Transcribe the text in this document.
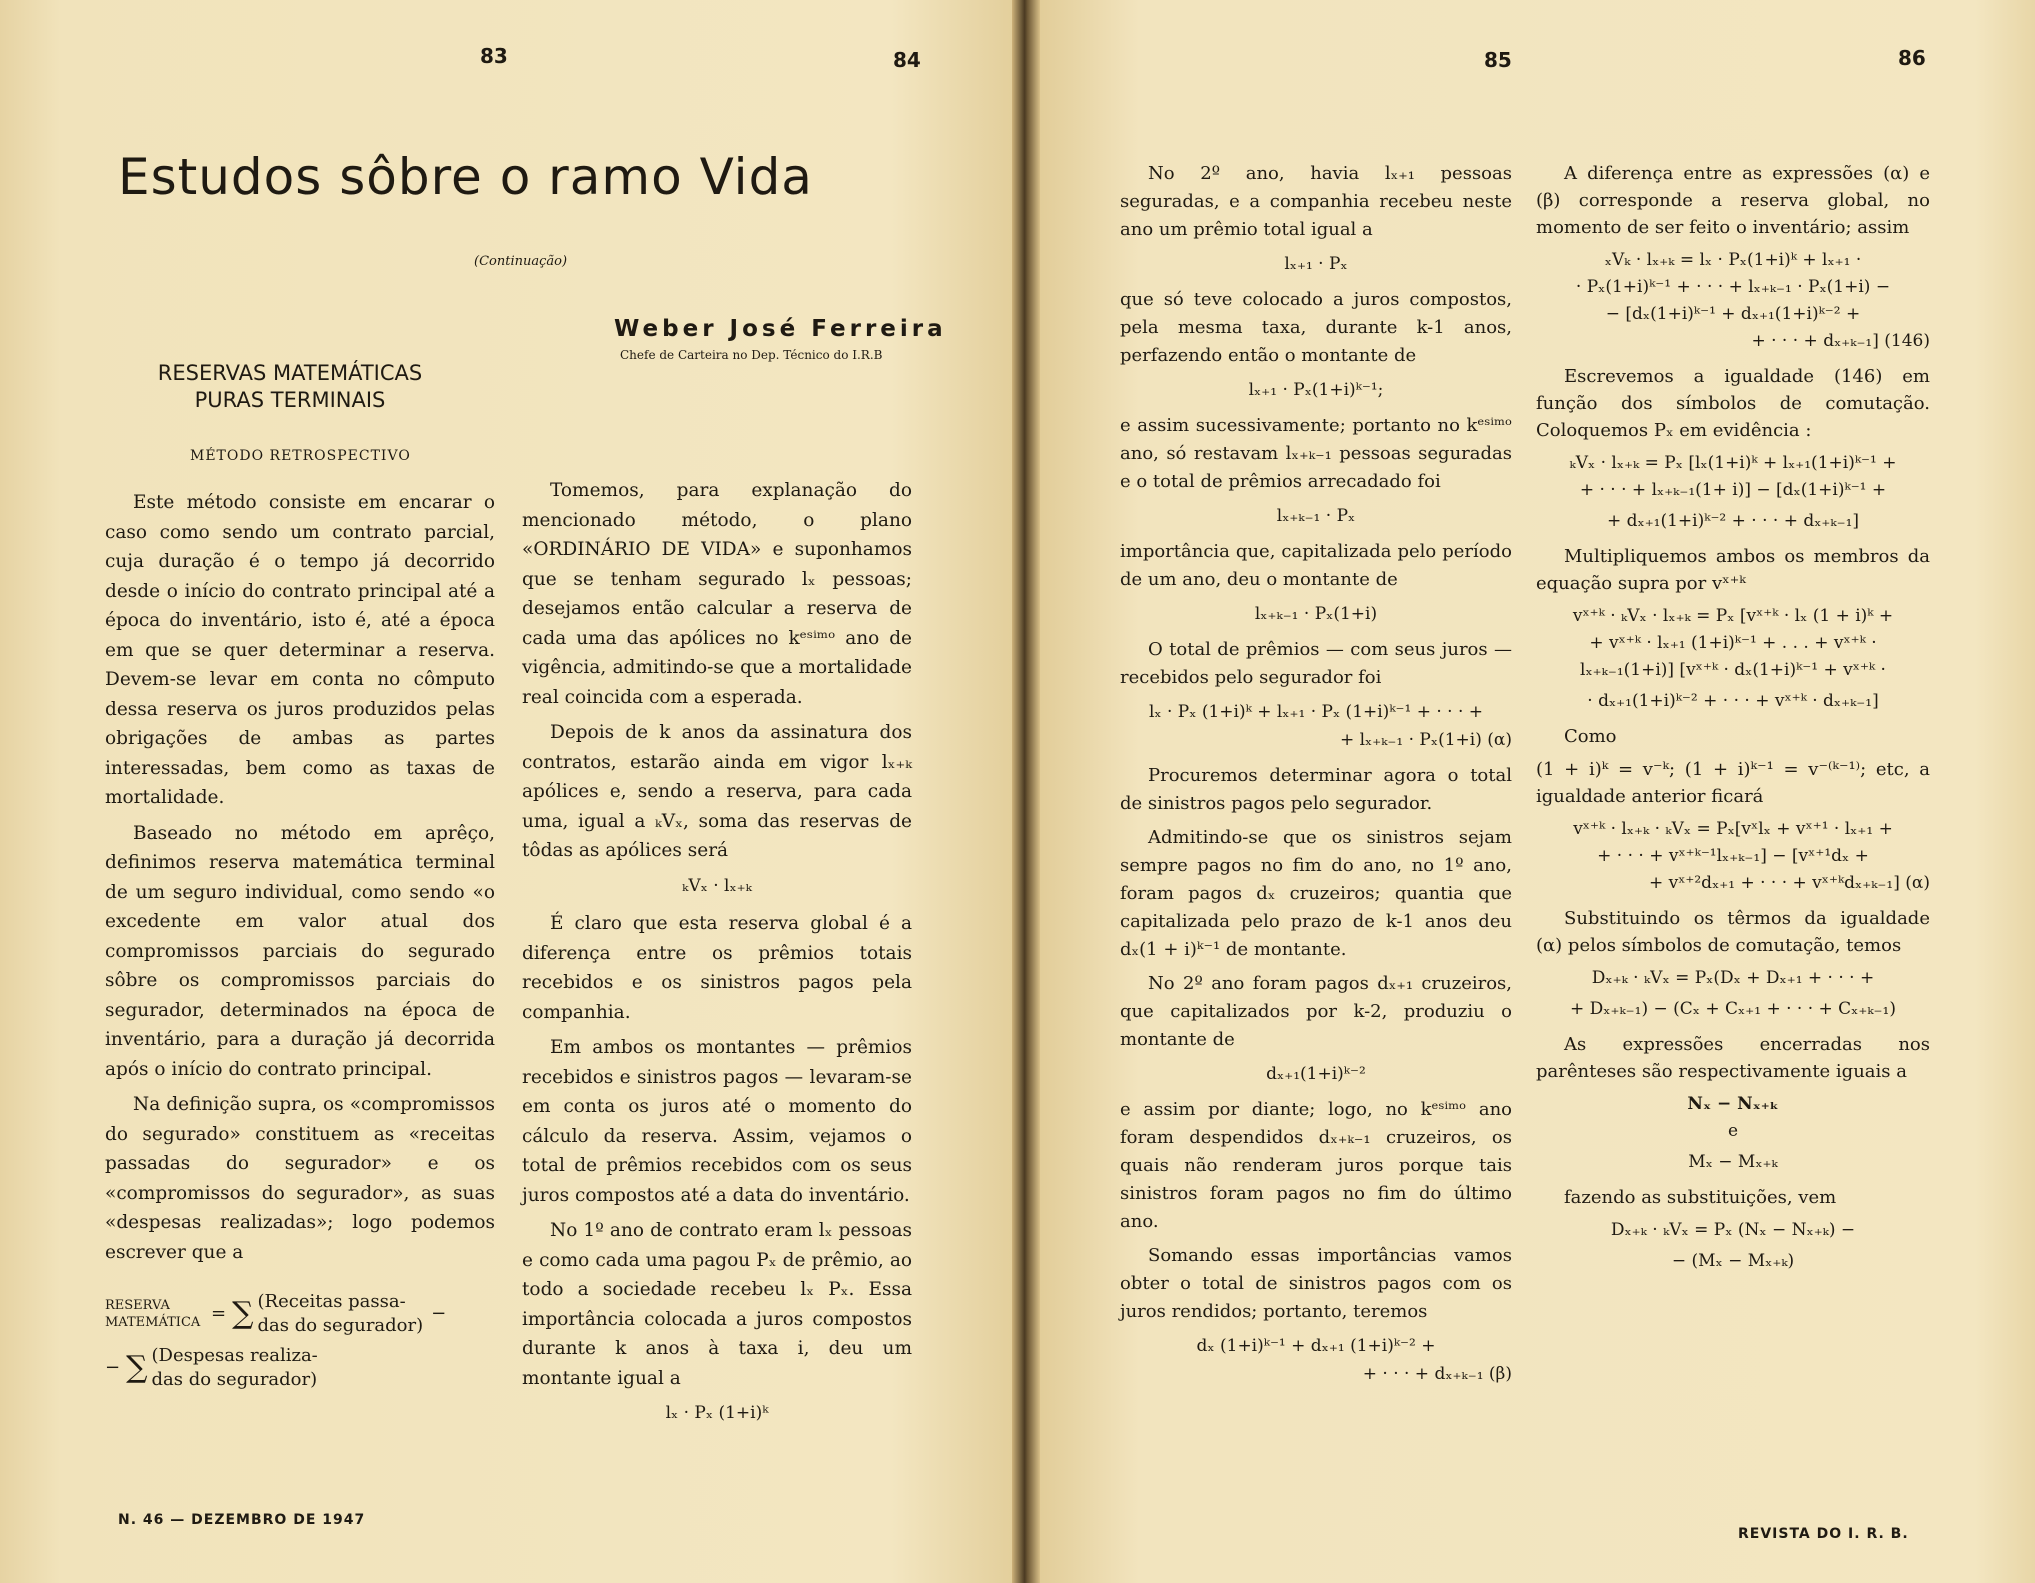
83	84
Estudos sôbre o ramo Vida
(Continuação)
Weber José Ferreira
Chefe de Carteira no Dep. Técnico do I.R.B
RESERVAS MATEMÁTICAS
PURAS TERMINAIS
MÉTODO RETROSPECTIVO

Este método consiste em encarar o caso como sendo um contrato parcial, cuja duração é o tempo já decorrido desde o início do contrato principal até a época do inventário, isto é, até a época em que se quer determinar a reserva. Devem-se levar em conta no cômputo dessa reserva os juros produzidos pelas obrigações de ambas as partes interessadas, bem como as taxas de mortalidade.

Baseado no método em aprêço, definimos reserva matemática terminal de um seguro individual, como sendo «o excedente em valor atual dos compromissos parciais do segurado sôbre os compromissos parciais do segurador, determinados na época de inventário, para a duração já decorrida após o início do contrato principal.

Na definição supra, os «compromissos do segurado» constituem as «receitas passadas do segurador» e os «compromissos do segurador», as suas «despesas realizadas»; logo podemos escrever que a

RESERVA
MATEMÁTICA = ∑ (Receitas passa-
das do segurador)
−
− ∑ (Despesas realiza-
das do segurador)

Tomemos, para explanação do mencionado método, o plano «ORDINÁRIO DE VIDA» e suponhamos que se tenham segurado lₓ pessoas; desejamos então calcular a reserva de cada uma das apólices no kᵉˢⁱᵐᵒ ano de vigência, admitindo-se que a mortalidade real coincida com a esperada.

Depois de k anos da assinatura dos contratos, estarão ainda em vigor lₓ₊ₖ apólices e, sendo a reserva, para cada uma, igual a ₖVₓ, soma das reservas de tôdas as apólices será

ₖVₓ · lₓ₊ₖ

É claro que esta reserva global é a diferença entre os prêmios totais recebidos e os sinistros pagos pela companhia.

Em ambos os montantes — prêmios recebidos e sinistros pagos — levaram-se em conta os juros até o momento do cálculo da reserva. Assim, vejamos o total de prêmios recebidos com os seus juros compostos até a data do inventário.

No 1º ano de contrato eram lₓ pessoas e como cada uma pagou Pₓ de prêmio, ao todo a sociedade recebeu lₓ Pₓ. Essa importância colocada a juros compostos durante k anos à taxa i, deu um montante igual a

lₓ · Pₓ (1+i)ᵏ
N. 46 — DEZEMBRO DE 1947
85	86

No 2º ano, havia lₓ₊₁ pessoas seguradas, e a companhia recebeu neste ano um prêmio total igual a

lₓ₊₁ · Pₓ

que só teve colocado a juros compostos, pela mesma taxa, durante k-1 anos, perfazendo então o montante de

lₓ₊₁ · Pₓ(1+i)ᵏ⁻¹;

e assim sucessivamente; portanto no kᵉˢⁱᵐᵒ ano, só restavam lₓ₊ₖ₋₁ pessoas seguradas e o total de prêmios arrecadado foi

lₓ₊ₖ₋₁ · Pₓ

importância que, capitalizada pelo período de um ano, deu o montante de

lₓ₊ₖ₋₁ · Pₓ(1+i)

O total de prêmios — com seus juros — recebidos pelo segurador foi

lₓ · Pₓ (1+i)ᵏ + lₓ₊₁ · Pₓ (1+i)ᵏ⁻¹ + · · · +
+ lₓ₊ₖ₋₁ · Pₓ(1+i) (α)

Procuremos determinar agora o total de sinistros pagos pelo segurador.

Admitindo-se que os sinistros sejam sempre pagos no fim do ano, no 1º ano, foram pagos dₓ cruzeiros; quantia que capitalizada pelo prazo de k-1 anos deu dₓ(1 + i)ᵏ⁻¹ de montante.

No 2º ano foram pagos dₓ₊₁ cruzeiros, que capitalizados por k-2, produziu o montante de

dₓ₊₁(1+i)ᵏ⁻²

e assim por diante; logo, no kᵉˢⁱᵐᵒ ano foram despendidos dₓ₊ₖ₋₁ cruzeiros, os quais não renderam juros porque tais sinistros foram pagos no fim do último ano.

Somando essas importâncias vamos obter o total de sinistros pagos com os juros rendidos; portanto, teremos

dₓ (1+i)ᵏ⁻¹ + dₓ₊₁ (1+i)ᵏ⁻² +
+ · · · + dₓ₊ₖ₋₁ (β)

A diferença entre as expressões (α) e (β) corresponde a reserva global, no momento de ser feito o inventário; assim

ₓVₖ · lₓ₊ₖ = lₓ · Pₓ(1+i)ᵏ + lₓ₊₁ ·
· Pₓ(1+i)ᵏ⁻¹ + · · · + lₓ₊ₖ₋₁ · Pₓ(1+i) −
− [dₓ(1+i)ᵏ⁻¹ + dₓ₊₁(1+i)ᵏ⁻² +
+ · · · + dₓ₊ₖ₋₁] (146)

Escrevemos a igualdade (146) em função dos símbolos de comutação. Coloquemos Pₓ em evidência :

ₖVₓ · lₓ₊ₖ = Pₓ [lₓ(1+i)ᵏ + lₓ₊₁(1+i)ᵏ⁻¹ +
+ · · · + lₓ₊ₖ₋₁(1+ i)] − [dₓ(1+i)ᵏ⁻¹ +
+ dₓ₊₁(1+i)ᵏ⁻² + · · · + dₓ₊ₖ₋₁]

Multipliquemos ambos os membros da equação supra por vˣ⁺ᵏ

vˣ⁺ᵏ · ₖVₓ · lₓ₊ₖ = Pₓ [vˣ⁺ᵏ · lₓ (1 + i)ᵏ +
+ vˣ⁺ᵏ · lₓ₊₁ (1+i)ᵏ⁻¹ + . . . + vˣ⁺ᵏ ·
lₓ₊ₖ₋₁(1+i)] [vˣ⁺ᵏ · dₓ(1+i)ᵏ⁻¹ + vˣ⁺ᵏ ·
· dₓ₊₁(1+i)ᵏ⁻² + · · · + vˣ⁺ᵏ · dₓ₊ₖ₋₁]

Como

(1 + i)ᵏ = v⁻ᵏ; (1 + i)ᵏ⁻¹ = v⁻⁽ᵏ⁻¹⁾; etc, a igualdade anterior ficará

vˣ⁺ᵏ · lₓ₊ₖ · ₖVₓ = Pₓ[vˣlₓ + vˣ⁺¹ · lₓ₊₁ +
+ · · · + vˣ⁺ᵏ⁻¹lₓ₊ₖ₋₁] − [vˣ⁺¹dₓ +
+ vˣ⁺²dₓ₊₁ + · · · + vˣ⁺ᵏdₓ₊ₖ₋₁] (α)

Substituindo os têrmos da igualdade (α) pelos símbolos de comutação, temos

Dₓ₊ₖ · ₖVₓ = Pₓ(Dₓ + Dₓ₊₁ + · · · +
+ Dₓ₊ₖ₋₁) − (Cₓ + Cₓ₊₁ + · · · + Cₓ₊ₖ₋₁)

As expressões encerradas nos parênteses são respectivamente iguais a

Nₓ − Nₓ₊ₖ
e
Mₓ − Mₓ₊ₖ

fazendo as substituições, vem

Dₓ₊ₖ · ₖVₓ = Pₓ (Nₓ − Nₓ₊ₖ) −
− (Mₓ − Mₓ₊ₖ)
REVISTA DO I. R. B.
